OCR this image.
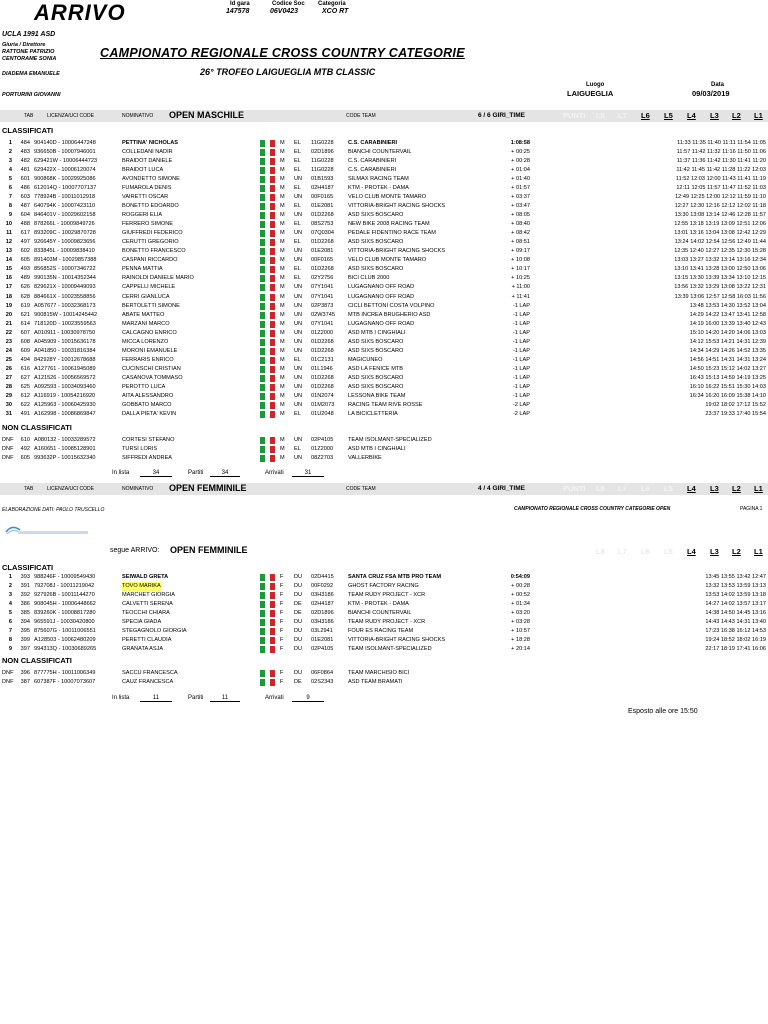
ARRIVO	Id gara
147578
Codice Soc
06V0423
Categoria
XCO RT
UCLA 1991 ASD
Giuria / Direttore
RATTONE PATRIZIO
CENTORAME SONIA
DIADEMA EMANUELE
PORTURINI GIOVANNI
CAMPIONATO REGIONALE CROSS COUNTRY CATEGORIE
26° TROFEO LAIGUEGLIA MTB CLASSIC
Luogo
LAIGUEGLIA
Data
09/03/2019
TAB	LICENZA/UCI CODE	NOMINATIVO OPEN MASCHILE	CODE TEAM	6 / 6 GIRI_TIME	PUNTI L8 L7 L6 L5 L4 L3 L2 L1
CLASSIFICATI
1	484 904140D - 10006447248	PETTINA' NICHOLAS	M EL 11G0228	C.S. CARABINIERI	1:08:58	11:33 11:35 11:40 11:11 11:54 11:05
2	483 936650B - 10007946001	COLLEDANI NADIR	M EL 02D1896	BIANCHI COUNTERVAIL	+ 00:25	11:57 11:42 11:32 11:16 11:50 11:06
3	482 629421W - 10006444723	BRAIDOT DANIELE	M EL 11G0228	C.S. CARABINIERI	+ 00:28	11:37 11:36 11:42 11:30 11:41 11:20
4	481 629422X - 10006120074	BRAIDOT LUCA	M EL 11G0228	C.S. CARABINIERI	+ 01:04	11:42 11:45 11:42 11:28 11:22 12:03
5	601 900868K - 10029925086	AVONDETTO SIMONE	M UN 01B1593	SILMAX RACING TEAM	+ 01:40	11:52 12:03 12:00 11:43 11:41 11:19
6	486 612014Q - 10007707137	FUMAROLA DENIS	M EL 02H4187	KTM - PROTEK - DAMA	+ 01:57	12:11 12:05 11:57 11:47 11:52 11:03
7	603 778924B - 10011012918	VAIRETTI OSCAR	M UN 00F0165	VELO CLUB MONTE TAMARO	+ 03:37	12:49 12:25 12:00 12:12 11:59 11:10
8	487 640794K - 10007423110	BONETTO EDOARDO	M EL 01E2081	VITTORIA-BRIGHT RACING SHOCKS	+ 03:47	12:27 12:30 12:16 12:12 12:02 11:18
9	604 846401V - 10029602158	ROGGERI ELIA	M UN 01D2268	ASD SIXS BOSCARO	+ 08:05	13:30 13:08 13:14 12:46 12:28 11:57
10	488 878266L - 10009849726	FERRERO SIMONE	M EL 08S2753	NEW BIKE 2008 RACING TEAM	+ 08:40	12:55 13:18 13:19 13:09 12:51 12:06
11	617 893209C - 10029870728	GIUFFREDI FEDERICO	M UN 07Q0304 PEDALE FIDENTINO RACE TEAM	+ 08:42	13:01 13:16 13:04 13:08 12:42 12:29
12	497 926645Y - 10009823656	CERUTTI GREGORIO	M EL 01D2268	ASD SIXS BOSCARO	+ 08:51	13:24 14:02 12:54 12:56 12:49 11:44
13	602 833845L - 10009838410	BONETTO FRANCESCO	M UN 01E2081	VITTORIA-BRIGHT RACING SHOCKS	+ 09:17	12:35 12:40 12:27 12:35 12:30 15:28
14	605 891403M - 10029857388	CASPANI RICCARDO	M UN 00F0165	VELO CLUB MONTE TAMARO	+ 10:08	13:03 13:27 13:32 13:14 13:16 12:34
15	493 856852S - 10007346722	PENNA MATTIA	M EL 01D2268	ASD SIXS BOSCARO	+ 10:17	13:10 13:41 13:28 13:00 12:50 13:06
16	489 990135N - 10014352344	RAINOLDI DANIELE MARIO	M EL 02Y2756	BICI CLUB 2000	+ 10:25	13:15 13:30 13:39 13:34 13:10 12:15
17	626 829621X - 10009449093	CAPPELLI MICHELE	M UN 07Y1041	LUGAGNANO OFF ROAD	+ 11:00	13:56 13:32 13:29 13:08 13:22 12:31
18	628 884661X - 10023558856	CERRI GIANLUCA	M UN 07Y1041	LUGAGNANO OFF ROAD	+ 11:41	13:39 13:06 12:57 12:58 16:03 11:56
19	619 A057677 - 10032368173	BERTOLETTI SIMONE	M UN 02P3873	CICLI BETTONI COSTA VOLPINO	-1 LAP	13:48 13:53 14:30 13:52 13:04
20	621 900815W - 10014245442	ABATE MATTEO	M UN 02W3745 MTB INCREA BRUGHERIO ASD	-1 LAP	14:29 14:22 13:47 13:41 12:58
21	614 718120D - 10023559563	MARZANI MARCO	M UN 07Y1041	LUGAGNANO OFF ROAD	-1 LAP	14:19 16:00 13:39 13:40 12:43
22	607 A010911 - 10030978750	CALCAGNO ENRICO	M UN 01Z2000	ASD MTB I CINGHIALI	-1 LAP	15:10 14:20 14:20 14:06 13:03
23	608 A045909 - 10015636178	MICCA LORENZO	M UN 01D2268	ASD SIXS BOSCARO	-1 LAP	14:12 15:53 14:21 14:31 12:39
24	609 A041850 - 10031816384	MORONI EMANUELE	M UN 01D2268	ASD SIXS BOSCARO	-1 LAP	14:34 14:29 14:26 14:52 13:35
25	494 842928Y - 10012678688	FERRARIS ENRICO	M EL 01C2131	MAGICUNEO	-1 LAP	14:56 14:51 14:31 14:31 13:24
26	616 A127761 - 10061945089	CUCINSCHI CRISTIAN	M UN 01L1946	ASD LA FENICE MTB	-1 LAP	14:50 15:23 15:12 14:02 13:27
27	627 A121526 - 10056569572	CASANOVA TOMMASO	M UN 01D2268	ASD SIXS BOSCARO	-1 LAP	16:43 15:13 14:59 14:19 13:25
28	625 A092593 - 10034093460	PEROTTO LUCA	M UN 01D2268	ASD SIXS BOSCARO	-1 LAP	16:10 16:22 15:51 15:30 14:03
29	612 A116919 - 10054216920	AITA ALESSANDRO	M UN 01N2074	LESSONA BIKE TEAM	-1 LAP	16:34 16:20 16:09 15:38 14:10
30	622 A125963 - 10060425930	GOBBATO MARCO	M UN 01M2073 RACING TEAM RIVE ROSSE	-2 LAP	19:02 18:02 17:12 15:52
31	491 A162998 - 10086869847	DALLA PIETA' KEVIN	M EL 01U2048	LA BICICLETTERIA	-2 LAP	23:37 19:33 17:40 15:54
NON CLASSIFICATI
DNF	610 A080132 - 10033289572	CORTESI STEFANO	M UN 02P4105	TEAM ISOLMANT-SPECIALIZED
DNF	492 A160651 - 10085128901	TURSI LORIS	M EL 01Z2000	ASD MTB I CINGHIALI
DNF	605 993632P - 10015632340	SIFFREDI ANDREA	M UN 08Z2703	VALLERBIKE
In lista	34	Partiti	34	Arrivati	31
TAB	LICENZA/UCI CODE	NOMINATIVO OPEN FEMMINILE	CODE TEAM	4 / 4 GIRI_TIME	PUNTI L8 L7 L6 L5 L4 L3 L2 L1
ELABORAZIONE DATI: PAOLO TRUSCELLO	CAMPIONATO REGIONALE CROSS COUNTRY CATEGORIE OPEN	PAGINA 1
segue ARRIVO: OPEN FEMMINILE	L8 L7 L6 L5 L4 L3 L2 L1
CLASSIFICATI
1	393 988246F - 10009549430	SEIWALD GRETA	F DU 02D4415	SANTA CRUZ FSA MTB PRO TEAM	0:54:09	13:45 13:55 13:42 12:47
2	391 792708J - 10011219042	TOVO MARIKA	F DU 00F0292	GHOST FACTORY RACING	+ 00:28	13:32 13:53 13:59 13:13
3	392 927926B - 10011144270	MARCHET GIORGIA	F DU 03H3186	TEAM RUDY PROJECT - XCR	+ 00:52	13:53 14:02 13:59 13:18
4	386 908045H - 10006448662	CALVETTI SERENA	F DE 02H4187	KTM - PROTEK - DAMA	+ 01:34	14:27 14:02 13:57 13:17
5	385 839260K - 10008817280	TEOCCHI CHIARA	F DE 02D1896	BIANCHI COUNTERVAIL	+ 03:20	14:38 14:50 14:45 13:16
6	394 965591J - 10030420800	SPECIA GIADA	F DU 03H3186	TEAM RUDY PROJECT - XCR	+ 03:28	14:43 14:43 14:31 13:40
7	395 875607G - 10011006551	STEGAGNOLO GIORGIA	F DU 03L2941	FOUR ES RACING TEAM	+ 10:57	17:23 16:38 16:12 14:53
8	399 A128503 - 10062480209	PERETTI CLAUDIA	F DU 01E2081	VITTORIA-BRIGHT RACING SHOCKS	+ 18:28	19:24 18:52 18:02 16:19
9	397 994313Q - 10030689265	GRANATA ASJA	F DU 02P4105	TEAM ISOLMANT-SPECIALIZED	+ 20:14	22:17 18:19 17:41 16:06
NON CLASSIFICATI
DNF	396 877775H - 10011006349	SACCU FRANCESCA	F DU 06F0864	TEAM MARCHISIO BICI
DNF	387 607387F - 10007073607	CAUZ FRANCESCA	F DE 02S2343	ASD TEAM BRAMATI
In lista	11	Partiti	11	Arrivati	9
Esposto alle ore 15:50
